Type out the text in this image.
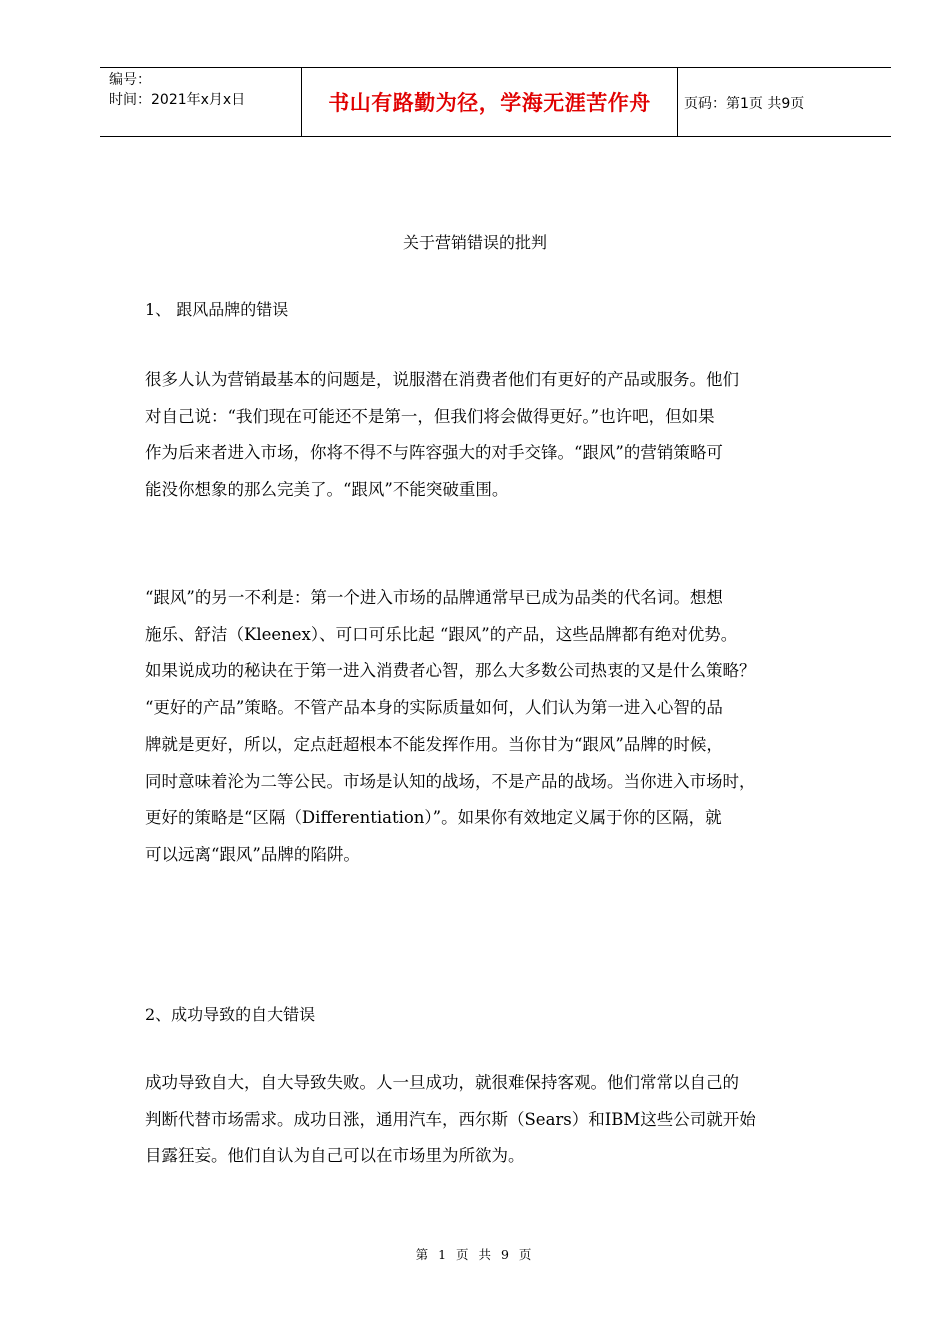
编号：
时间：2021年x月x日	书山有路勤为径，学海无涯苦作舟	页码：第1页 共9页
关于营销错误的批判
1、 跟风品牌的错误
很多人认为营销最基本的问题是，说服潜在消费者他们有更好的产品或服务。他们
对自己说：“我们现在可能还不是第一，但我们将会做得更好。”也许吧，但如果
作为后来者进入市场，你将不得不与阵容强大的对手交锋。“跟风”的营销策略可
能没你想象的那么完美了。“跟风”不能突破重围。
“跟风”的另一不利是：第一个进入市场的品牌通常早已成为品类的代名词。想想
施乐、舒洁（Kleenex）、可口可乐比起 “跟风”的产品，这些品牌都有绝对优势。
如果说成功的秘诀在于第一进入消费者心智，那么大多数公司热衷的又是什么策略？
“更好的产品”策略。不管产品本身的实际质量如何，人们认为第一进入心智的品
牌就是更好，所以，定点赶超根本不能发挥作用。当你甘为“跟风”品牌的时候，
同时意味着沦为二等公民。市场是认知的战场，不是产品的战场。当你进入市场时，
更好的策略是“区隔（Differentiation）”。如果你有效地定义属于你的区隔，就
可以远离“跟风”品牌的陷阱。
2、成功导致的自大错误
成功导致自大，自大导致失败。人一旦成功，就很难保持客观。他们常常以自己的
判断代替市场需求。成功日涨，通用汽车，西尔斯（Sears）和IBM这些公司就开始
目露狂妄。他们自认为自己可以在市场里为所欲为。
第 1 页 共 9 页
